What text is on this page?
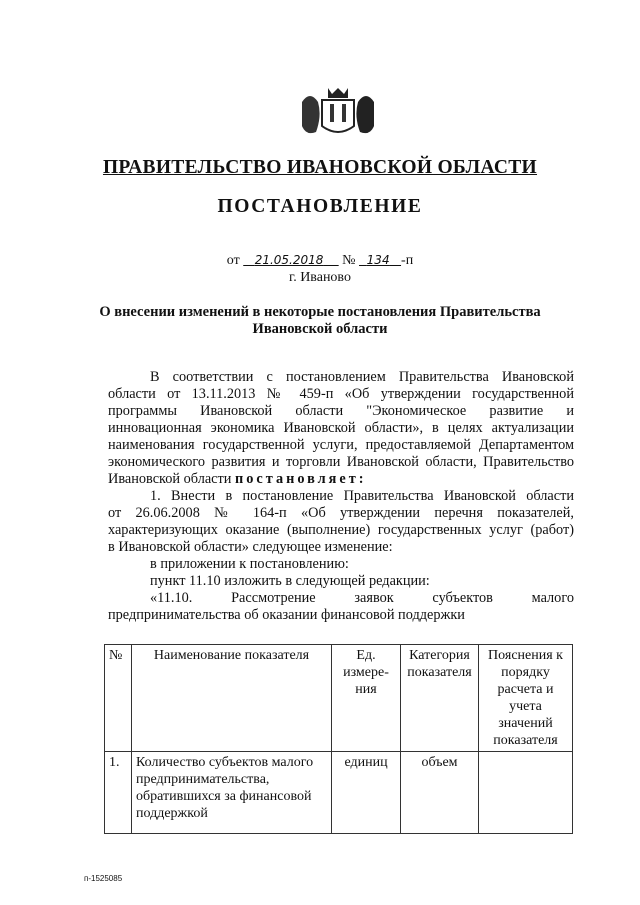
ПРАВИТЕЛЬСТВО ИВАНОВСКОЙ ОБЛАСТИ
ПОСТАНОВЛЕНИЕ
от 21.05.2018 № 134 -п
г. Иваново
О внесении изменений в некоторые постановления Правительства
Ивановской области
В соответствии с постановлением Правительства Ивановской
области от 13.11.2013 № 459-п «Об утверждении государственной
программы Ивановской области "Экономическое развитие и
инновационная экономика Ивановской области», в целях актуализации
наименования государственной услуги, предоставляемой Департаментом
экономического развития и торговли Ивановской области, Правительство
Ивановской области постановляет:
1. Внести в постановление Правительства Ивановской области
от 26.06.2008 № 164-п «Об утверждении перечня показателей,
характеризующих оказание (выполнение) государственных услуг (работ)
в Ивановской области» следующее изменение:
в приложении к постановлению:
пункт 11.10 изложить в следующей редакции:
«11.10. Рассмотрение заявок субъектов малого
предпринимательства об оказании финансовой поддержки
№	Наименование показателя	Ед. измере-ния	Категория показателя	Пояснения к порядку расчета и учета значений показателя
1.	Количество субъектов малого предпринимательства, обратившихся за финансовой поддержкой	единиц	объем	
п-1525085
